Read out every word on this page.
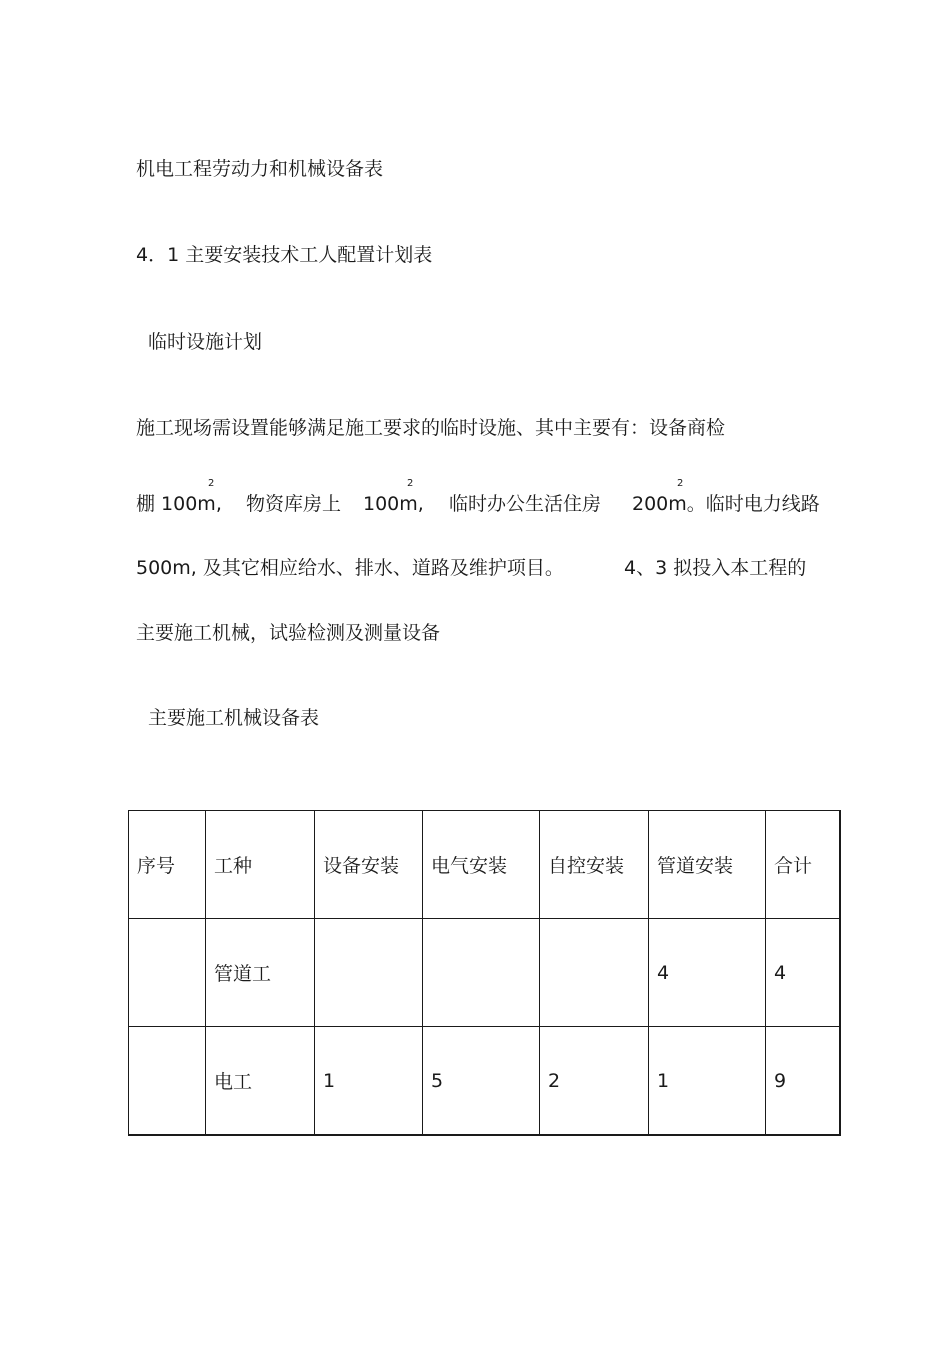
机电工程劳动力和机械设备表
4．1 主要安装技术工人配置计划表
临时设施计划
施工现场需设置能够满足施工要求的临时设施、其中主要有：设备商检
2	2	2
棚 100m, 物资库房上 100m, 临时办公生活住房 200m。临时电力线路
500m, 及其它相应给水、排水、道路及维护项目。	4、3 拟投入本工程的
主要施工机械，试验检测及测量设备
主要施工机械设备表
序号	工种	设备安装	电气安装	自控安装	管道安装	合计
	管道工				4	4
	电工	1	5	2	1	9
